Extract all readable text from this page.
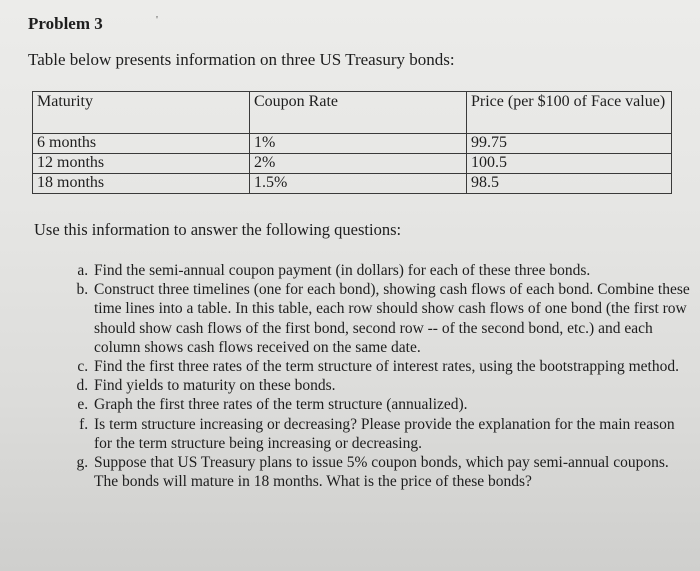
Problem 3	'
Table below presents information on three US Treasury bonds:
Maturity	Coupon Rate	Price (per $100 of Face value)
6 months	1%	99.75
12 months	2%	100.5
18 months	1.5%	98.5
Use this information to answer the following questions:
a. Find the semi-annual coupon payment (in dollars) for each of these three bonds.
b. Construct three timelines (one for each bond), showing cash flows of each bond. Combine these time lines into a table. In this table, each row should show cash flows of one bond (the first row should show cash flows of the first bond, second row -- of the second bond, etc.) and each column shows cash flows received on the same date.
c. Find the first three rates of the term structure of interest rates, using the bootstrapping method.
d. Find yields to maturity on these bonds.
e. Graph the first three rates of the term structure (annualized).
f. Is term structure increasing or decreasing? Please provide the explanation for the main reason for the term structure being increasing or decreasing.
g. Suppose that US Treasury plans to issue 5% coupon bonds, which pay semi-annual coupons. The bonds will mature in 18 months. What is the price of these bonds?
